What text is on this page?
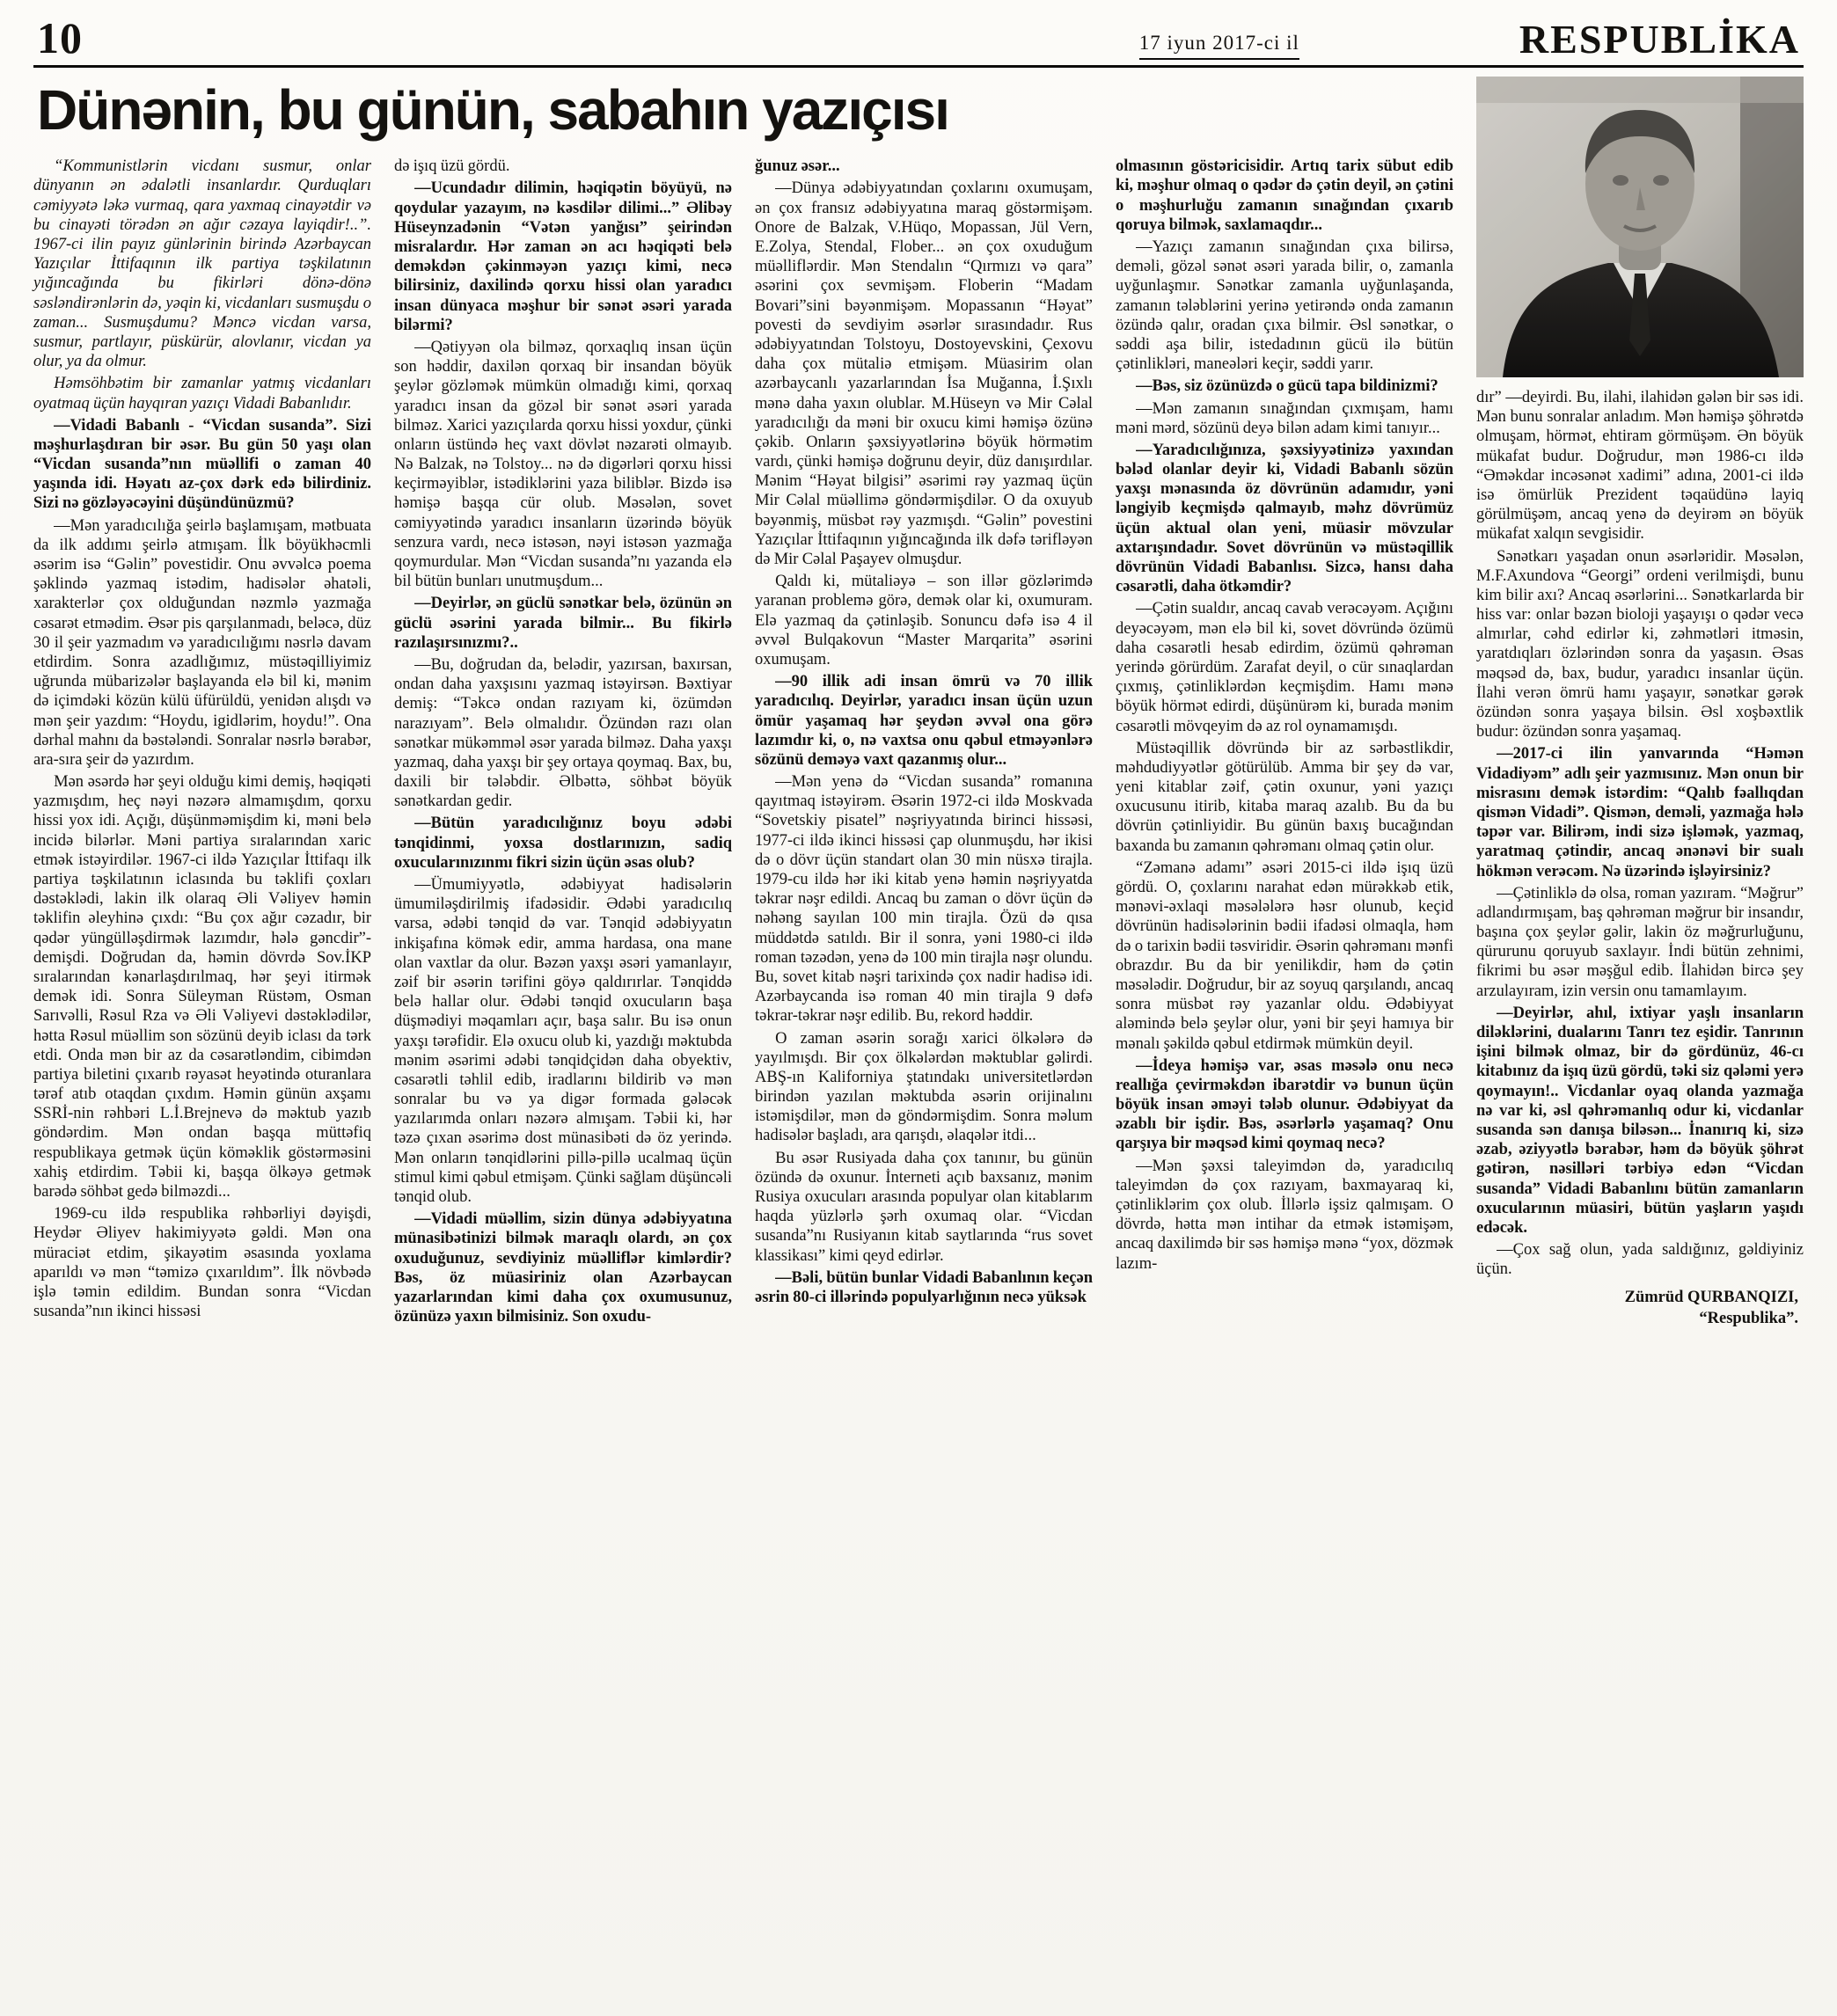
10	17 iyun 2017-ci il	RESPUBLİKA
Dünənin, bu günün, sabahın yazıçısı

“Kommunistlərin vicdanı susmur, onlar dünyanın ən ədalətli insanlardır. Qurduqları cəmiyyətə ləkə vurmaq, qara yaxmaq cinayətdir və bu cinayəti törədən ən ağır cəzaya layiqdir!..”. 1967-ci ilin payız günlərinin birində Azərbaycan Yazıçılar İttifaqının ilk partiya təşkilatının yığıncağında bu fikirləri dönə-dönə səsləndirənlərin də, yəqin ki, vicdanları susmuşdu o zaman... Susmuşdumu? Məncə vicdan varsa, susmur, partlayır, püskürür, alovlanır, vicdan ya olur, ya da olmur.

Həmsöhbətim bir zamanlar yatmış vicdanları oyatmaq üçün hayqıran yazıçı Vidadi Babanlıdır.

—Vidadi Babanlı - “Vicdan susanda”. Sizi məşhurlaşdıran bir əsər. Bu gün 50 yaşı olan “Vicdan susanda”nın müəllifi o zaman 40 yaşında idi. Həyatı az-çox dərk edə bilirdiniz. Sizi nə gözləyəcəyini düşündünüzmü?

—Mən yaradıcılığa şeirlə başlamışam, mətbuata da ilk addımı şeirlə atmışam. İlk böyükhəcmli əsərim isə “Gəlin” povestidir. Onu əvvəlcə poema şəklində yazmaq istədim, hadisələr əhatəli, xarakterlər çox olduğundan nəzmlə yazmağa cəsarət etmədim. Əsər pis qarşılanmadı, beləcə, düz 30 il şeir yazmadım və yaradıcılığımı nəsrlə davam etdirdim. Sonra azadlığımız, müstəqilliyimiz uğrunda mübarizələr başlayanda elə bil ki, mənim də içimdəki közün külü üfürüldü, yenidən alışdı və mən şeir yazdım: “Hoydu, igidlərim, hoydu!”. Ona dərhal mahnı da bəstələndi. Sonralar nəsrlə bərabər, ara-sıra şeir də yazırdım.

Mən əsərdə hər şeyi olduğu kimi demiş, həqiqəti yazmışdım, heç nəyi nəzərə almamışdım, qorxu hissi yox idi. Açığı, düşünməmişdim ki, məni belə incidə bilərlər. Məni partiya sıralarından xaric etmək istəyirdilər. 1967-ci ildə Yazıçılar İttifaqı ilk partiya təşkilatının iclasında bu təklifi çoxları dəstəklədi, lakin ilk olaraq Əli Vəliyev həmin təklifin əleyhinə çıxdı: “Bu çox ağır cəzadır, bir qədər yüngülləşdirmək lazımdır, hələ gəncdir”- demişdi. Doğrudan da, həmin dövrdə Sov.İKP sıralarından kənarlaşdırılmaq, hər şeyi itirmək demək idi. Sonra Süleyman Rüstəm, Osman Sarıvəlli, Rəsul Rza və Əli Vəliyevi dəstəklədilər, hətta Rəsul müəllim son sözünü deyib iclası da tərk etdi. Onda mən bir az da cəsarətləndim, cibimdən partiya biletini çıxarıb rəyasət heyətində oturanlara tərəf atıb otaqdan çıxdım. Həmin günün axşamı SSRİ-nin rəhbəri L.İ.Brejnevə də məktub yazıb göndərdim. Mən ondan başqa müttəfiq respublikaya getmək üçün köməklik göstərməsini xahiş etdirdim. Təbii ki, başqa ölkəyə getmək barədə söhbət gedə bilməzdi...

1969-cu ildə respublika rəhbərliyi dəyişdi, Heydər Əliyev hakimiyyətə gəldi. Mən ona müraciət etdim, şikayətim əsasında yoxlama aparıldı və mən “təmizə çıxarıldım”. İlk növbədə işlə təmin edildim. Bundan sonra “Vicdan susanda”nın ikinci hissəsi

də işıq üzü gördü.

—Ucundadır dilimin, həqiqətin böyüyü, nə qoydular yazayım, nə kəsdilər dilimi...” Əlibəy Hüseynzadənin “Vətən yanğısı” şeirindən misralardır. Hər zaman ən acı həqiqəti belə deməkdən çəkinməyən yazıçı kimi, necə bilirsiniz, daxilində qorxu hissi olan yaradıcı insan dünyaca məşhur bir sənət əsəri yarada bilərmi?

—Qətiyyən ola bilməz, qorxaqlıq insan üçün son həddir, daxilən qorxaq bir insandan böyük şeylər gözləmək mümkün olmadığı kimi, qorxaq yaradıcı insan da gözəl bir sənət əsəri yarada bilməz. Xarici yazıçılarda qorxu hissi yoxdur, çünki onların üstündə heç vaxt dövlət nəzarəti olmayıb. Nə Balzak, nə Tolstoy... nə də digərləri qorxu hissi keçirməyiblər, istədiklərini yaza biliblər. Bizdə isə həmişə başqa cür olub. Məsələn, sovet cəmiyyətində yaradıcı insanların üzərində böyük senzura vardı, necə istəsən, nəyi istəsən yazmağa qoymurdular. Mən “Vicdan susanda”nı yazanda elə bil bütün bunları unutmuşdum...

—Deyirlər, ən güclü sənətkar belə, özünün ən güclü əsərini yarada bilmir... Bu fikirlə razılaşırsınızmı?..

—Bu, doğrudan da, belədir, yazırsan, baxırsan, ondan daha yaxşısını yazmaq istəyirsən. Bəxtiyar demiş: “Təkcə ondan razıyam ki, özümdən narazıyam”. Belə olmalıdır. Özündən razı olan sənətkar mükəmməl əsər yarada bilməz. Daha yaxşı yazmaq, daha yaxşı bir şey ortaya qoymaq. Bax, bu, daxili bir tələbdir. Əlbəttə, söhbət böyük sənətkardan gedir.

—Bütün yaradıcılığınız boyu ədəbi tənqidinmi, yoxsa dostlarınızın, sadiq oxucularınızınmı fikri sizin üçün əsas olub?

—Ümumiyyətlə, ədəbiyyat hadisələrin ümumiləşdirilmiş ifadəsidir. Ədəbi yaradıcılıq varsa, ədəbi tənqid də var. Tənqid ədəbiyyatın inkişafına kömək edir, amma hardasa, ona mane olan vaxtlar da olur. Bəzən yaxşı əsəri yamanlayır, zəif bir əsərin tərifini göyə qaldırırlar. Tənqiddə belə hallar olur. Ədəbi tənqid oxucuların başa düşmədiyi məqamları açır, başa salır. Bu isə onun yaxşı tərəfidir. Elə oxucu olub ki, yazdığı məktubda mənim əsərimi ədəbi tənqidçidən daha obyektiv, cəsarətli təhlil edib, iradlarını bildirib və mən sonralar bu və ya digər formada gələcək yazılarımda onları nəzərə almışam. Təbii ki, hər təzə çıxan əsərimə dost münasibəti də öz yerində. Mən onların tənqidlərini pillə-pillə ucalmaq üçün stimul kimi qəbul etmişəm. Çünki sağlam düşüncəli tənqid olub.

—Vidadi müəllim, sizin dünya ədəbiyyatına münasibətinizi bilmək maraqlı olardı, ən çox oxuduğunuz, sevdiyiniz müəlliflər kimlərdir? Bəs, öz müasiriniz olan Azərbaycan yazarlarından kimi daha çox oxumusunuz, özünüzə yaxın bilmisiniz. Son oxudu-

ğunuz əsər...

—Dünya ədəbiyyatından çoxlarını oxumuşam, ən çox fransız ədəbiyyatına maraq göstərmişəm. Onore de Balzak, V.Hüqo, Mopassan, Jül Vern, E.Zolya, Stendal, Flober... ən çox oxuduğum müəlliflərdir. Mən Stendalın “Qırmızı və qara” əsərini çox sevmişəm. Floberin “Madam Bovari”sini bəyənmişəm. Mopassanın “Həyat” povesti də sevdiyim əsərlər sırasındadır. Rus ədəbiyyatından Tolstoyu, Dostoyevskini, Çexovu daha çox mütaliə etmişəm. Müasirim olan azərbaycanlı yazarlarından İsa Muğanna, İ.Şıxlı mənə daha yaxın olublar. M.Hüseyn və Mir Cəlal yaradıcılığı da məni bir oxucu kimi həmişə özünə çəkib. Onların şəxsiyyətlərinə böyük hörmətim vardı, çünki həmişə doğrunu deyir, düz danışırdılar. Mənim “Həyat bilgisi” əsərimi rəy yazmaq üçün Mir Cəlal müəllimə göndərmişdilər. O da oxuyub bəyənmiş, müsbət rəy yazmışdı. “Gəlin” povestini Yazıçılar İttifaqının yığıncağında ilk dəfə tərifləyən də Mir Cəlal Paşayev olmuşdur.

Qaldı ki, mütaliəyə – son illər gözlərimdə yaranan problemə görə, demək olar ki, oxumuram. Elə yazmaq da çətinləşib. Sonuncu dəfə isə 4 il əvvəl Bulqakovun “Master Marqarita” əsərini oxumuşam.

—90 illik adi insan ömrü və 70 illik yaradıcılıq. Deyirlər, yaradıcı insan üçün uzun ömür yaşamaq hər şeydən əvvəl ona görə lazımdır ki, o, nə vaxtsa onu qəbul etməyənlərə sözünü deməyə vaxt qazanmış olur...

—Mən yenə də “Vicdan susanda” romanına qayıtmaq istəyirəm. Əsərin 1972-ci ildə Moskvada “Sovetskiy pisatel” nəşriyyatında birinci hissəsi, 1977-ci ildə ikinci hissəsi çap olunmuşdu, hər ikisi də o dövr üçün standart olan 30 min nüsxə tirajla. 1979-cu ildə hər iki kitab yenə həmin nəşriyyatda təkrar nəşr edildi. Ancaq bu zaman o dövr üçün də nəhəng sayılan 100 min tirajla. Özü də qısa müddətdə satıldı. Bir il sonra, yəni 1980-ci ildə roman təzədən, yenə də 100 min tirajla nəşr olundu. Bu, sovet kitab nəşri tarixində çox nadir hadisə idi. Azərbaycanda isə roman 40 min tirajla 9 dəfə təkrar-təkrar nəşr edilib. Bu, rekord həddir.

O zaman əsərin sorağı xarici ölkələrə də yayılmışdı. Bir çox ölkələrdən məktublar gəlirdi. ABŞ-ın Kaliforniya ştatındakı universitetlərdən birindən yazılan məktubda əsərin orijinalını istəmişdilər, mən də göndərmişdim. Sonra məlum hadisələr başladı, ara qarışdı, əlaqələr itdi...

Bu əsər Rusiyada daha çox tanınır, bu günün özündə də oxunur. İnterneti açıb baxsanız, mənim Rusiya oxucuları arasında populyar olan kitablarım haqda yüzlərlə şərh oxumaq olar. “Vicdan susanda”nı Rusiyanın kitab saytlarında “rus sovet klassikası” kimi qeyd edirlər.

—Bəli, bütün bunlar Vidadi Babanlının keçən əsrin 80-ci illərində populyarlığının necə yüksək

olmasının göstəricisidir. Artıq tarix sübut edib ki, məşhur olmaq o qədər də çətin deyil, ən çətini o məşhurluğu zamanın sınağından çıxarıb qoruya bilmək, saxlamaqdır...

—Yazıçı zamanın sınağından çıxa bilirsə, deməli, gözəl sənət əsəri yarada bilir, o, zamanla uyğunlaşmır. Sənətkar zamanla uyğunlaşanda, zamanın tələblərini yerinə yetirəndə onda zamanın özündə qalır, oradan çıxa bilmir. Əsl sənətkar, o səddi aşa bilir, istedadının gücü ilə bütün çətinlikləri, maneələri keçir, səddi yarır.

—Bəs, siz özünüzdə o gücü tapa bildinizmi?

—Mən zamanın sınağından çıxmışam, hamı məni mərd, sözünü deyə bilən adam kimi tanıyır...

—Yaradıcılığınıza, şəxsiyyətinizə yaxından bələd olanlar deyir ki, Vidadi Babanlı sözün yaxşı mənasında öz dövrünün adamıdır, yəni ləngiyib keçmişdə qalmayıb, məhz dövrümüz üçün aktual olan yeni, müasir mövzular axtarışındadır. Sovet dövrünün və müstəqillik dövrünün Vidadi Babanlısı. Sizcə, hansı daha cəsarətli, daha ötkəmdir?

—Çətin sualdır, ancaq cavab verəcəyəm. Açığını deyəcəyəm, mən elə bil ki, sovet dövründə özümü daha cəsarətli hesab edirdim, özümü qəhrəman yerində görürdüm. Zarafat deyil, o cür sınaqlardan çıxmış, çətinliklərdən keçmişdim. Hamı mənə böyük hörmət edirdi, düşünürəm ki, burada mənim cəsarətli mövqeyim də az rol oynamamışdı.

Müstəqillik dövründə bir az sərbəstlikdir, məhdudiyyətlər götürülüb. Amma bir şey də var, yeni kitablar zəif, çətin oxunur, yəni yazıçı oxucusunu itirib, kitaba maraq azalıb. Bu da bu dövrün çətinliyidir. Bu günün baxış bucağından baxanda bu zamanın qəhrəmanı olmaq çətin olur.

“Zəmanə adamı” əsəri 2015-ci ildə işıq üzü gördü. O, çoxlarını narahat edən mürəkkəb etik, mənəvi-əxlaqi məsələlərə həsr olunub, keçid dövrünün hadisələrinin bədii ifadəsi olmaqla, həm də o tarixin bədii təsviridir. Əsərin qəhrəmanı mənfi obrazdır. Bu da bir yenilikdir, həm də çətin məsələdir. Doğrudur, bir az soyuq qarşılandı, ancaq sonra müsbət rəy yazanlar oldu. Ədəbiyyat aləmində belə şeylər olur, yəni bir şeyi hamıya bir mənalı şəkildə qəbul etdirmək mümkün deyil.

—İdeya həmişə var, əsas məsələ onu necə reallığa çevirməkdən ibarətdir və bunun üçün böyük insan əməyi tələb olunur. Ədəbiyyat da əzablı bir işdir. Bəs, əsərlərlə yaşamaq? Onu qarşıya bir məqsəd kimi qoymaq necə?

—Mən şəxsi taleyimdən də, yaradıcılıq taleyimdən də çox razıyam, baxmayaraq ki, çətinliklərim çox olub. İllərlə işsiz qalmışam. O dövrdə, hətta mən intihar da etmək istəmişəm, ancaq daxilimdə bir səs həmişə mənə “yox, dözmək lazım-

dır” —deyirdi. Bu, ilahi, ilahidən gələn bir səs idi. Mən bunu sonralar anladım. Mən həmişə şöhrətdə olmuşam, hörmət, ehtiram görmüşəm. Ən böyük mükafat budur. Doğrudur, mən 1986-cı ildə “Əməkdar incəsənət xadimi” adına, 2001-ci ildə isə ömürlük Prezident təqaüdünə layiq görülmüşəm, ancaq yenə də deyirəm ən böyük mükafat xalqın sevgisidir.

Sənətkarı yaşadan onun əsərləridir. Məsələn, M.F.Axundova “Georgi” ordeni verilmişdi, bunu kim bilir axı? Ancaq əsərlərini... Sənətkarlarda bir hiss var: onlar bəzən bioloji yaşayışı o qədər vecə almırlar, cəhd edirlər ki, zəhmətləri itməsin, yaratdıqları özlərindən sonra da yaşasın. Əsas məqsəd də, bax, budur, yaradıcı insanlar üçün. İlahi verən ömrü hamı yaşayır, sənətkar gərək özündən sonra yaşaya bilsin. Əsl xoşbəxtlik budur: özündən sonra yaşamaq.

—2017-ci ilin yanvarında “Həmən Vidadiyəm” adlı şeir yazmısınız. Mən onun bir misrasını demək istərdim: “Qalıb fəallıqdan qismən Vidadi”. Qismən, deməli, yazmağa hələ təpər var. Bilirəm, indi sizə işləmək, yazmaq, yaratmaq çətindir, ancaq ənənəvi bir sualı hökmən verəcəm. Nə üzərində işləyirsiniz?

—Çətinliklə də olsa, roman yazıram. “Məğrur” adlandırmışam, baş qəhrəman məğrur bir insandır, başına çox şeylər gəlir, lakin öz məğrurluğunu, qürurunu qoruyub saxlayır. İndi bütün zehnimi, fikrimi bu əsər məşğul edib. İlahidən bircə şey arzulayıram, izin versin onu tamamlayım.

—Deyirlər, ahıl, ixtiyar yaşlı insanların diləklərini, dualarını Tanrı tez eşidir. Tanrının işini bilmək olmaz, bir də gördünüz, 46-cı kitabınız da işıq üzü gördü, təki siz qələmi yerə qoymayın!.. Vicdanlar oyaq olanda yazmağa nə var ki, əsl qəhrəmanlıq odur ki, vicdanlar susanda sən danışa biləsən... İnanırıq ki, sizə əzab, əziyyətlə bərabər, həm də böyük şöhrət gətirən, nəsilləri tərbiyə edən “Vicdan susanda” Vidadi Babanlını bütün zamanların oxucularının müasiri, bütün yaşların yaşıdı edəcək.

—Çox sağ olun, yada saldığınız, gəldiyiniz üçün.

Zümrüd QURBANQIZI,
“Respublika”.
